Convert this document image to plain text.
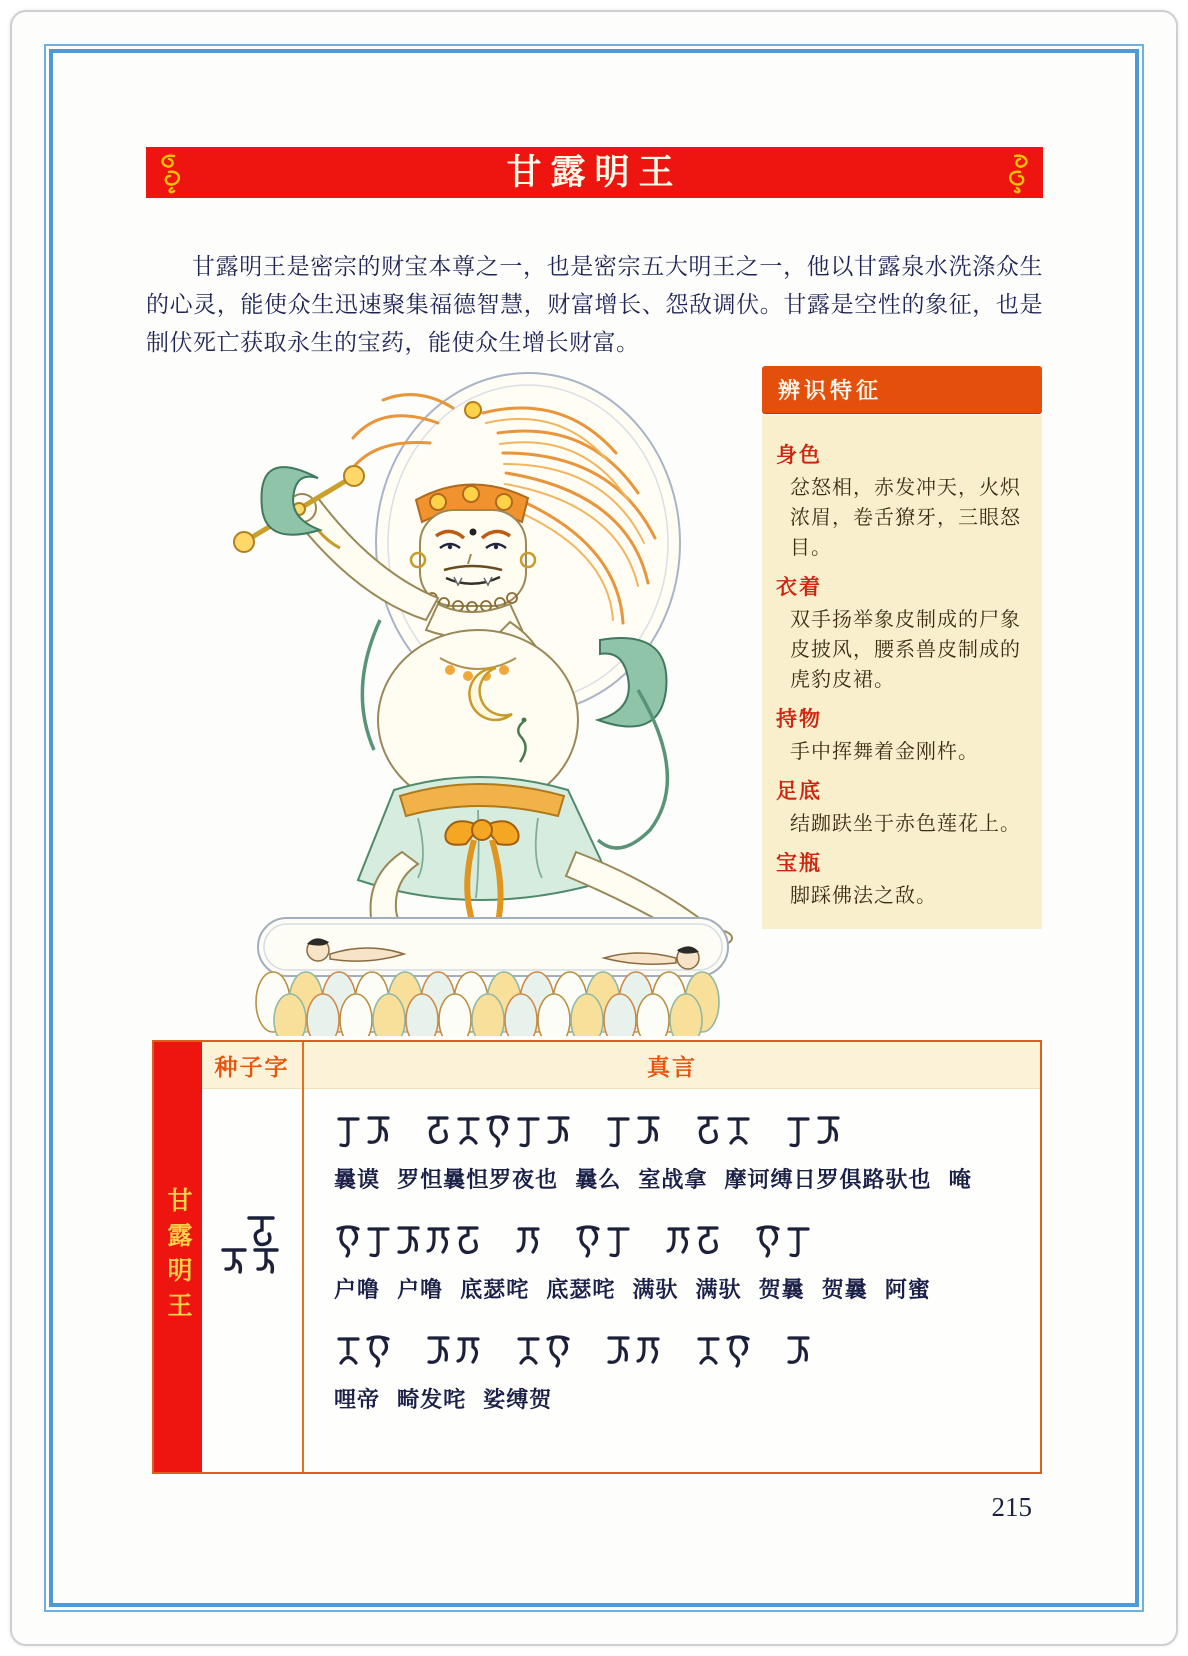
甘露明王

甘露明王是密宗的财宝本尊之一，也是密宗五大明王之一，他以甘露泉水洗涤众生的心灵，能使众生迅速聚集福德智慧，财富增长、怨敌调伏。甘露是空性的象征，也是制伏死亡获取永生的宝药，能使众生增长财富。

辨识特征
身色
忿怒相，赤发冲天，火炽浓眉，卷舌獠牙，三眼怒目。
衣着
双手扬举象皮制成的尸象皮披风，腰系兽皮制成的虎豹皮裙。
持物
手中挥舞着金刚杵。
足底
结跏趺坐于赤色莲花上。
宝瓶
脚踩佛法之敌。
甘露明王
种子字	真言
曩谟 罗怛曩怛罗夜也 曩么 室战拿 摩诃缚日罗俱路驮也 唵
户噜 户噜 底瑟咤 底瑟咤 满驮 满驮 贺曩 贺曩 阿蜜
哩帝 畸发咤 娑缚贺
215
